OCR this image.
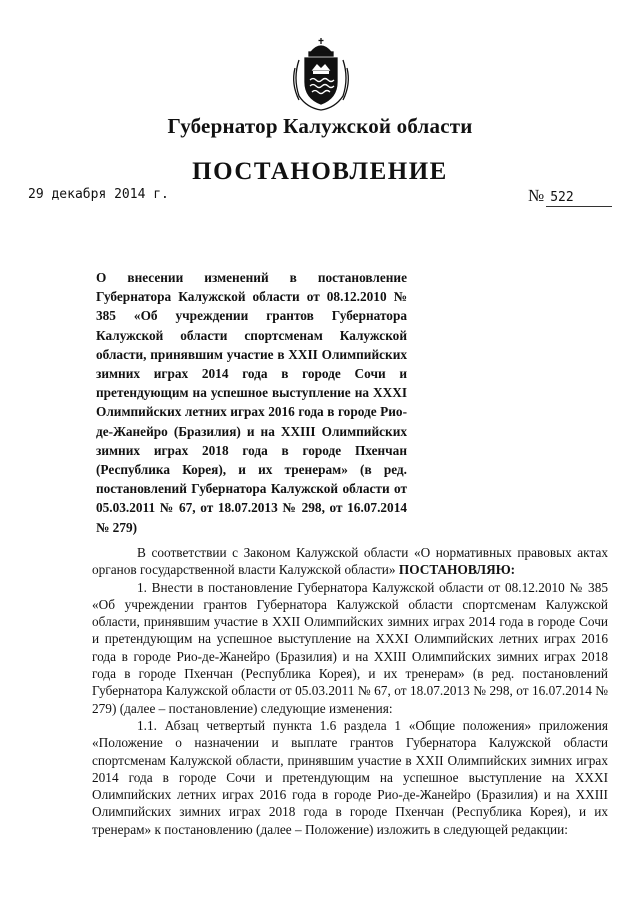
Губернатор Калужской области
ПОСТАНОВЛЕНИЕ
29 декабря 2014 г.	№ 522

О внесении изменений в постановление Губернатора Калужской области от 08.12.2010 № 385 «Об учреждении грантов Губернатора Калужской области спортсменам Калужской области, принявшим участие в XXII Олимпийских зимних играх 2014 года в городе Сочи и претендующим на успешное выступление на XXXI Олимпийских летних играх 2016 года в городе Рио-де-Жанейро (Бразилия) и на XXIII Олимпийских зимних играх 2018 года в городе Пхенчан (Республика Корея), и их тренерам» (в ред. постановлений Губернатора Калужской области от 05.03.2011 № 67, от 18.07.2013 № 298, от 16.07.2014 № 279)

В соответствии с Законом Калужской области «О нормативных правовых актах органов государственной власти Калужской области» ПОСТАНОВЛЯЮ:

1. Внести в постановление Губернатора Калужской области от 08.12.2010 № 385 «Об учреждении грантов Губернатора Калужской области спортсменам Калужской области, принявшим участие в XXII Олимпийских зимних играх 2014 года в городе Сочи и претендующим на успешное выступление на XXXI Олимпийских летних играх 2016 года в городе Рио-де-Жанейро (Бразилия) и на XXIII Олимпийских зимних играх 2018 года в городе Пхенчан (Республика Корея), и их тренерам» (в ред. постановлений Губернатора Калужской области от 05.03.2011 № 67, от 18.07.2013 № 298, от 16.07.2014 № 279) (далее – постановление) следующие изменения:

1.1. Абзац четвертый пункта 1.6 раздела 1 «Общие положения» приложения «Положение о назначении и выплате грантов Губернатора Калужской области спортсменам Калужской области, принявшим участие в XXII Олимпийских зимних играх 2014 года в городе Сочи и претендующим на успешное выступление на XXXI Олимпийских летних играх 2016 года в городе Рио-де-Жанейро (Бразилия) и на XXIII Олимпийских зимних играх 2018 года в городе Пхенчан (Республика Корея), и их тренерам» к постановлению (далее – Положение) изложить в следующей редакции:
